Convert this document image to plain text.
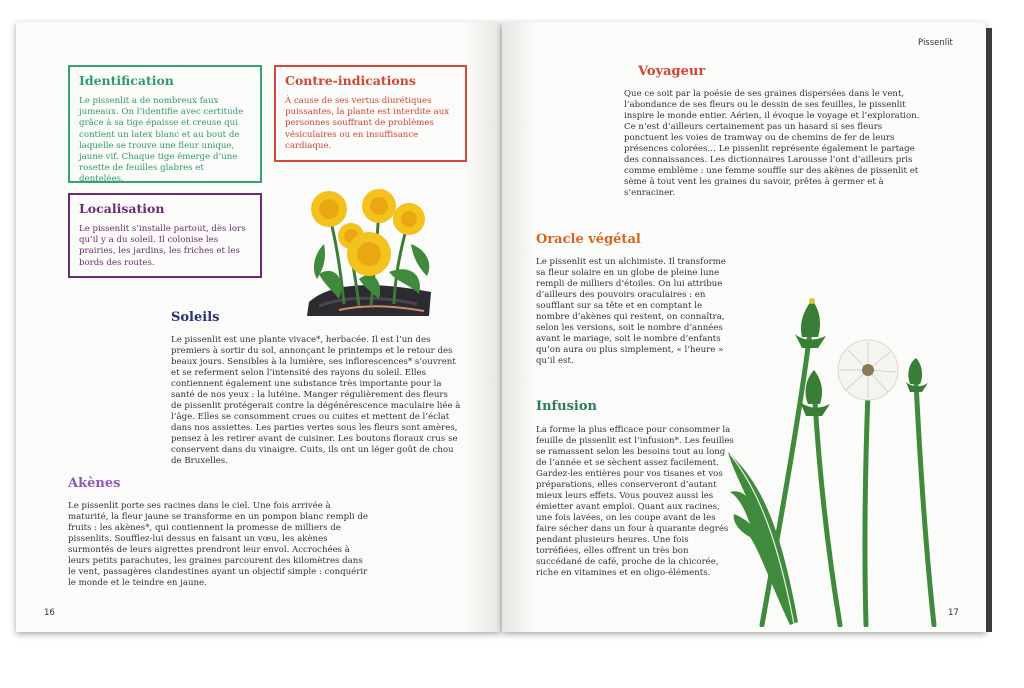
Identification

Le pissenlit a de nombreux faux jumeaux. On l’identifie avec certitude grâce à sa tige épaisse et creuse qui contient un latex blanc et au bout de laquelle se trouve une fleur unique, jaune vif. Chaque tige émerge d’une rosette de feuilles glabres et dentelées.

Contre-indications

À cause de ses vertus diurétiques puissantes, la plante est interdite aux personnes souffrant de problèmes vésiculaires ou en insuffisance cardiaque.

Localisation

Le pissenlit s’installe partout, dès lors qu’il y a du soleil. Il colonise les prairies, les jardins, les friches et les bords des routes.

Soleils

Le pissenlit est une plante vivace*, herbacée. Il est l’un des premiers à sortir du sol, annonçant le printemps et le retour des beaux jours. Sensibles à la lumière, ses inflorescences* s’ouvrent et se referment selon l’intensité des rayons du soleil. Elles contiennent également une substance très importante pour la santé de nos yeux : la lutéine. Manger régulièrement des fleurs de pissenlit protégerait contre la dégénérescence maculaire liée à l’âge. Elles se consomment crues ou cuites et mettent de l’éclat dans nos assiettes. Les parties vertes sous les fleurs sont amères, pensez à les retirer avant de cuisiner. Les boutons floraux crus se conservent dans du vinaigre. Cuits, ils ont un léger goût de chou de Bruxelles.

Akènes

Le pissenlit porte ses racines dans le ciel. Une fois arrivée à maturité, la fleur jaune se transforme en un pompon blanc rempli de fruits : les akènes*, qui contiennent la promesse de milliers de pissenlits. Soufflez-lui dessus en faisant un vœu, les akènes surmontés de leurs aigrettes prendront leur envol. Accrochées à leurs petits parachutes, les graines parcourent des kilomètres dans le vent, passagères clandestines ayant un objectif simple : conquérir le monde et le teindre en jaune.

16
Pissenlit
Voyageur

Que ce soit par la poésie de ses graines dispersées dans le vent, l’abondance de ses fleurs ou le dessin de ses feuilles, le pissenlit inspire le monde entier. Aérien, il évoque le voyage et l’exploration. Ce n’est d’ailleurs certainement pas un hasard si ses fleurs ponctuent les voies de tramway ou de chemins de fer de leurs présences colorées… Le pissenlit représente également le partage des connaissances. Les dictionnaires Larousse l’ont d’ailleurs pris comme emblème : une femme souffle sur des akènes de pissenlit et sème à tout vent les graines du savoir, prêtes à germer et à s’enraciner.

Oracle végétal

Le pissenlit est un alchimiste. Il transforme sa fleur solaire en un globe de pleine lune rempli de milliers d’étoiles. On lui attribue d’ailleurs des pouvoirs oraculaires : en soufflant sur sa tête et en comptant le nombre d’akènes qui restent, on connaîtra, selon les versions, soit le nombre d’années avant le mariage, soit le nombre d’enfants qu’on aura ou plus simplement, « l’heure » qu’il est.

Infusion

La forme la plus efficace pour consommer la feuille de pissenlit est l’infusion*. Les feuilles se ramassent selon les besoins tout au long de l’année et se sèchent assez facilement. Gardez-les entières pour vos tisanes et vos préparations, elles conserveront d’autant mieux leurs effets. Vous pouvez aussi les émietter avant emploi. Quant aux racines, une fois lavées, on les coupe avant de les faire sécher dans un four à quarante degrés pendant plusieurs heures. Une fois torréfiées, elles offrent un très bon succédané de café, proche de la chicorée, riche en vitamines et en oligo-éléments.

17
